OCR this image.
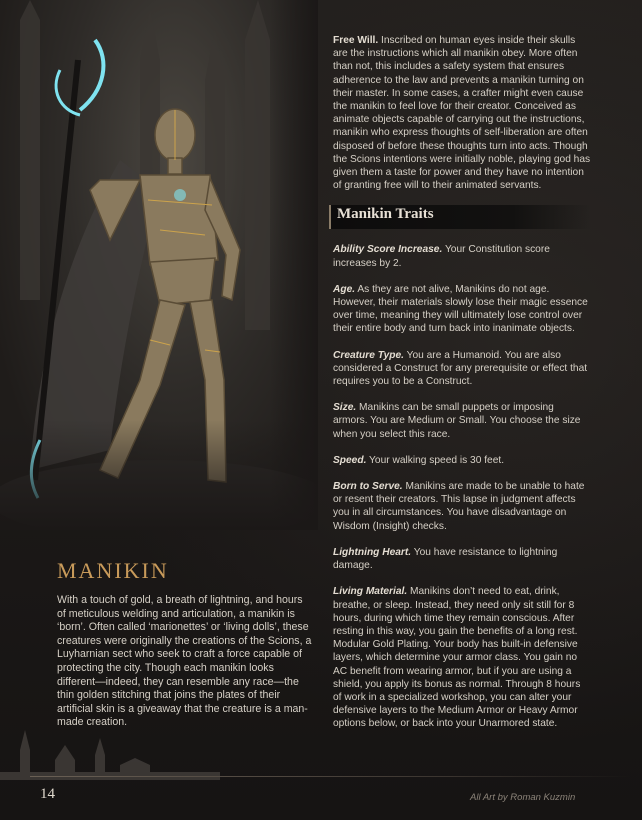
MANIKIN

With a touch of gold, a breath of lightning, and hours of meticulous welding and articulation, a manikin is ‘born’. Often called ‘marionettes’ or ‘living dolls’, these creatures were originally the creations of the Scions, a Luyharnian sect who seek to craft a force capable of protecting the city. Though each manikin looks different—indeed, they can resemble any race—the thin golden stitching that joins the plates of their artificial skin is a giveaway that the creature is a man-made creation.

Free Will. Inscribed on human eyes inside their skulls are the instructions which all manikin obey. More often than not, this includes a safety system that ensures adherence to the law and prevents a manikin turning on their master. In some cases, a crafter might even cause the manikin to feel love for their creator. Conceived as animate objects capable of carrying out the instructions, manikin who express thoughts of self-liberation are often disposed of before these thoughts turn into acts. Though the Scions intentions were initially noble, playing god has given them a taste for power and they have no intention of granting free will to their animated servants.

Manikin Traits

Ability Score Increase. Your Constitution score increases by 2.

Age. As they are not alive, Manikins do not age. However, their materials slowly lose their magic essence over time, meaning they will ultimately lose control over their entire body and turn back into inanimate objects.

Creature Type. You are a Humanoid. You are also considered a Construct for any prerequisite or effect that requires you to be a Construct.

Size. Manikins can be small puppets or imposing armors. You are Medium or Small. You choose the size when you select this race.

Speed. Your walking speed is 30 feet.

Born to Serve. Manikins are made to be unable to hate or resent their creators. This lapse in judgment affects you in all circumstances. You have disadvantage on Wisdom (Insight) checks.

Lightning Heart. You have resistance to lightning damage.

Living Material. Manikins don’t need to eat, drink, breathe, or sleep. Instead, they need only sit still for 8 hours, during which time they remain conscious. After resting in this way, you gain the benefits of a long rest. Modular Gold Plating. Your body has built-in defensive layers, which determine your armor class. You gain no AC benefit from wearing armor, but if you are using a shield, you apply its bonus as normal. Through 8 hours of work in a specialized workshop, you can alter your defensive layers to the Medium Armor or Heavy Armor options below, or back into your Unarmored state.

14	All Art by Roman Kuzmin
